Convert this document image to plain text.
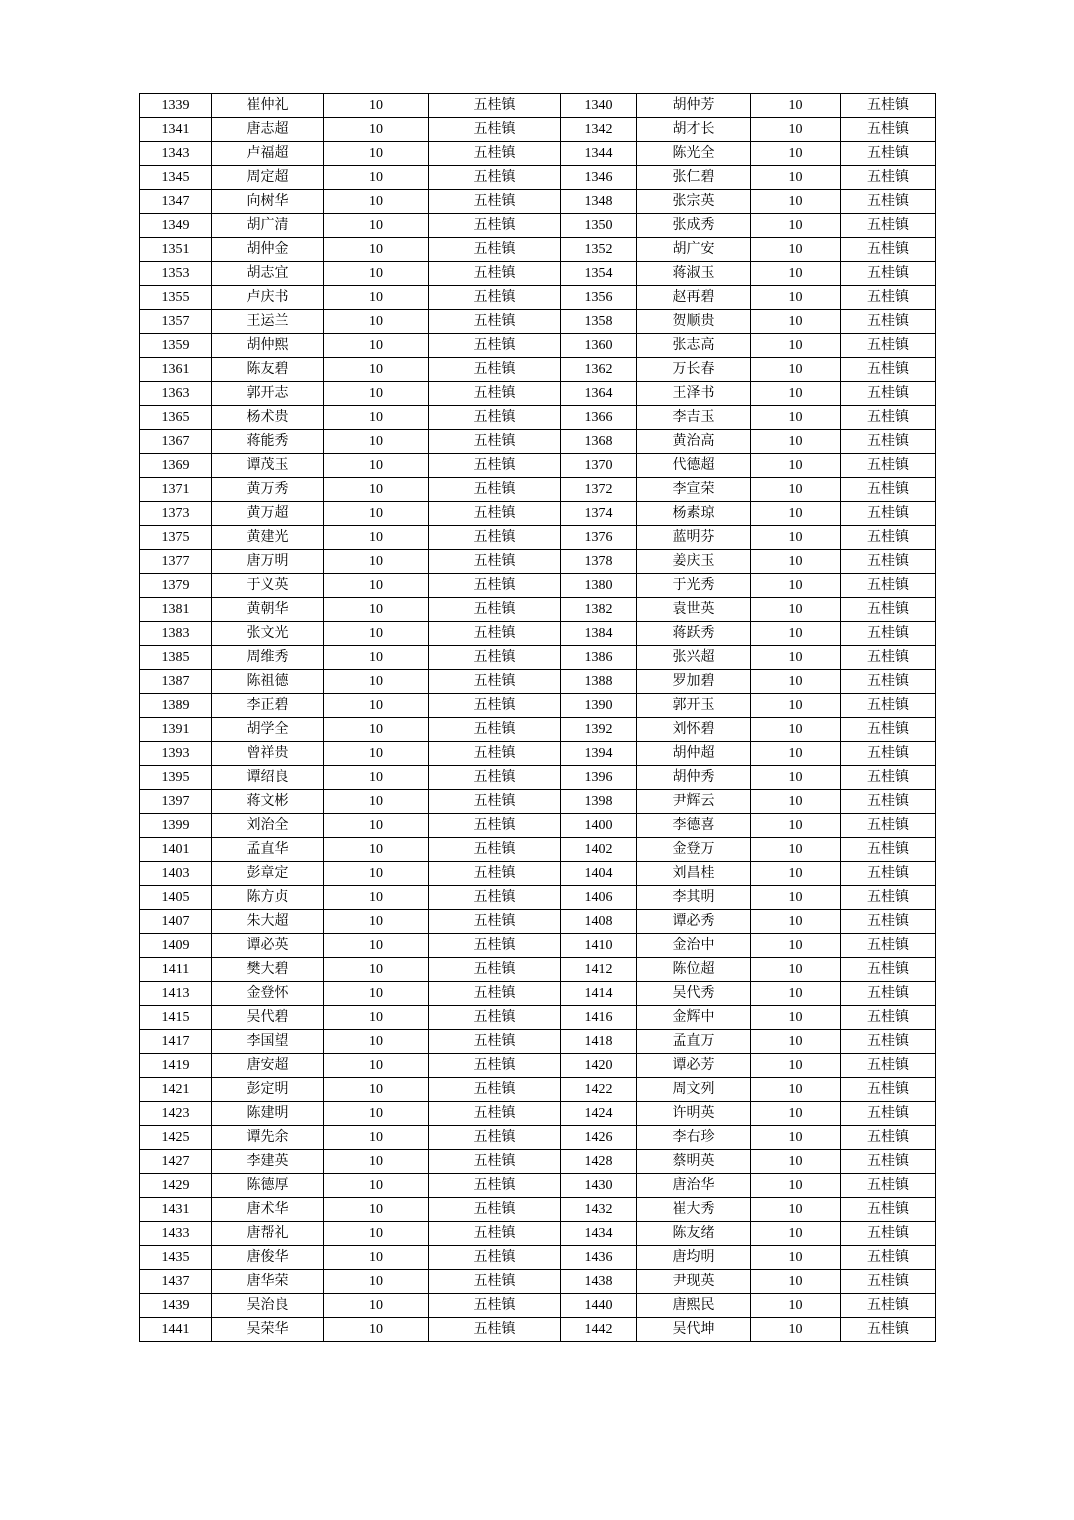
1339	崔仲礼	10	五桂镇	1340	胡仲芳	10	五桂镇
1341	唐志超	10	五桂镇	1342	胡才长	10	五桂镇
1343	卢福超	10	五桂镇	1344	陈光全	10	五桂镇
1345	周定超	10	五桂镇	1346	张仁碧	10	五桂镇
1347	向树华	10	五桂镇	1348	张宗英	10	五桂镇
1349	胡广清	10	五桂镇	1350	张成秀	10	五桂镇
1351	胡仲金	10	五桂镇	1352	胡广安	10	五桂镇
1353	胡志宜	10	五桂镇	1354	蒋淑玉	10	五桂镇
1355	卢庆书	10	五桂镇	1356	赵再碧	10	五桂镇
1357	王运兰	10	五桂镇	1358	贺顺贵	10	五桂镇
1359	胡仲熙	10	五桂镇	1360	张志高	10	五桂镇
1361	陈友碧	10	五桂镇	1362	万长春	10	五桂镇
1363	郭开志	10	五桂镇	1364	王泽书	10	五桂镇
1365	杨术贵	10	五桂镇	1366	李吉玉	10	五桂镇
1367	蒋能秀	10	五桂镇	1368	黄治高	10	五桂镇
1369	谭茂玉	10	五桂镇	1370	代德超	10	五桂镇
1371	黄万秀	10	五桂镇	1372	李宣荣	10	五桂镇
1373	黄万超	10	五桂镇	1374	杨素琼	10	五桂镇
1375	黄建光	10	五桂镇	1376	蓝明芬	10	五桂镇
1377	唐万明	10	五桂镇	1378	姜庆玉	10	五桂镇
1379	于义英	10	五桂镇	1380	于光秀	10	五桂镇
1381	黄朝华	10	五桂镇	1382	袁世英	10	五桂镇
1383	张文光	10	五桂镇	1384	蒋跃秀	10	五桂镇
1385	周维秀	10	五桂镇	1386	张兴超	10	五桂镇
1387	陈祖德	10	五桂镇	1388	罗加碧	10	五桂镇
1389	李正碧	10	五桂镇	1390	郭开玉	10	五桂镇
1391	胡学全	10	五桂镇	1392	刘怀碧	10	五桂镇
1393	曾祥贵	10	五桂镇	1394	胡仲超	10	五桂镇
1395	谭绍良	10	五桂镇	1396	胡仲秀	10	五桂镇
1397	蒋文彬	10	五桂镇	1398	尹辉云	10	五桂镇
1399	刘治全	10	五桂镇	1400	李德喜	10	五桂镇
1401	孟直华	10	五桂镇	1402	金登万	10	五桂镇
1403	彭章定	10	五桂镇	1404	刘昌桂	10	五桂镇
1405	陈方贞	10	五桂镇	1406	李其明	10	五桂镇
1407	朱大超	10	五桂镇	1408	谭必秀	10	五桂镇
1409	谭必英	10	五桂镇	1410	金治中	10	五桂镇
1411	樊大碧	10	五桂镇	1412	陈位超	10	五桂镇
1413	金登怀	10	五桂镇	1414	吴代秀	10	五桂镇
1415	吴代碧	10	五桂镇	1416	金辉中	10	五桂镇
1417	李国望	10	五桂镇	1418	孟直万	10	五桂镇
1419	唐安超	10	五桂镇	1420	谭必芳	10	五桂镇
1421	彭定明	10	五桂镇	1422	周文列	10	五桂镇
1423	陈建明	10	五桂镇	1424	许明英	10	五桂镇
1425	谭先余	10	五桂镇	1426	李右珍	10	五桂镇
1427	李建英	10	五桂镇	1428	蔡明英	10	五桂镇
1429	陈德厚	10	五桂镇	1430	唐治华	10	五桂镇
1431	唐术华	10	五桂镇	1432	崔大秀	10	五桂镇
1433	唐帮礼	10	五桂镇	1434	陈友绪	10	五桂镇
1435	唐俊华	10	五桂镇	1436	唐均明	10	五桂镇
1437	唐华荣	10	五桂镇	1438	尹现英	10	五桂镇
1439	吴治良	10	五桂镇	1440	唐熙民	10	五桂镇
1441	吴荣华	10	五桂镇	1442	吴代坤	10	五桂镇
